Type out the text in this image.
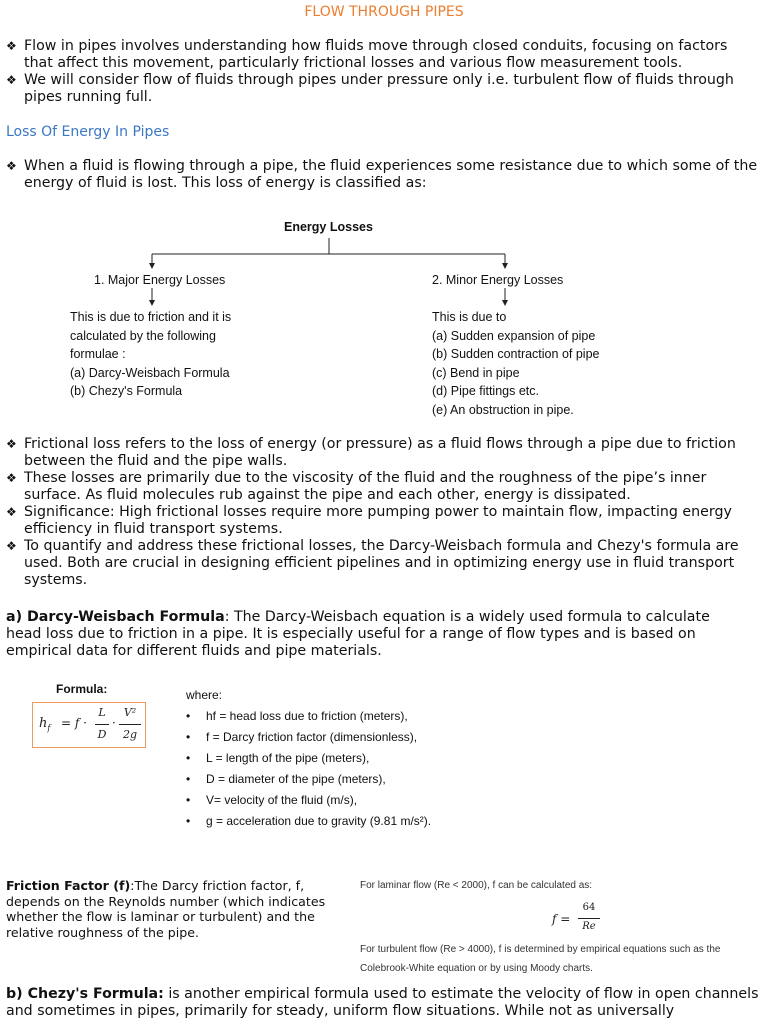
FLOW THROUGH PIPES
❖ Flow in pipes involves understanding how fluids move through closed conduits, focusing on factors that affect this movement, particularly frictional losses and various flow measurement tools.
❖ We will consider flow of fluids through pipes under pressure only i.e. turbulent flow of fluids through pipes running full.
Loss Of Energy In Pipes
❖ When a fluid is flowing through a pipe, the fluid experiences some resistance due to which some of the energy of fluid is lost. This loss of energy is classified as:
Energy Losses
1. Major Energy Losses	2. Minor Energy Losses
This is due to friction and it is
calculated by the following
formulae :
(a) Darcy-Weisbach Formula
(b) Chezy's Formula
This is due to
(a) Sudden expansion of pipe
(b) Sudden contraction of pipe
(c) Bend in pipe
(d) Pipe fittings etc.
(e) An obstruction in pipe.
❖ Frictional loss refers to the loss of energy (or pressure) as a fluid flows through a pipe due to friction between the fluid and the pipe walls.
❖ These losses are primarily due to the viscosity of the fluid and the roughness of the pipe’s inner surface. As fluid molecules rub against the pipe and each other, energy is dissipated.
❖ Significance: High frictional losses require more pumping power to maintain flow, impacting energy efficiency in fluid transport systems.
❖ To quantify and address these frictional losses, the Darcy-Weisbach formula and Chezy's formula are used. Both are crucial in designing efficient pipelines and in optimizing energy use in fluid transport systems.
a) Darcy-Weisbach Formula: The Darcy-Weisbach equation is a widely used formula to calculate head loss due to friction in a pipe. It is especially useful for a range of flow types and is based on empirical data for different fluids and pipe materials.
Formula:
$h_f = f$ ·
L
D
·
V²
2g
where:
• hf = head loss due to friction (meters),
• f = Darcy friction factor (dimensionless),
• L = length of the pipe (meters),
• D = diameter of the pipe (meters),
• V= velocity of the fluid (m/s),
• g = acceleration due to gravity (9.81 m/s²).
Friction Factor (f):The Darcy friction factor, f, depends on the Reynolds number (which indicates whether the flow is laminar or turbulent) and the relative roughness of the pipe.
For laminar flow (Re < 2000), f can be calculated as:
f =
64
Re
For turbulent flow (Re > 4000), f is determined by empirical equations such as the Colebrook-White equation or by using Moody charts.
b) Chezy's Formula: is another empirical formula used to estimate the velocity of flow in open channels and sometimes in pipes, primarily for steady, uniform flow situations. While not as universally
